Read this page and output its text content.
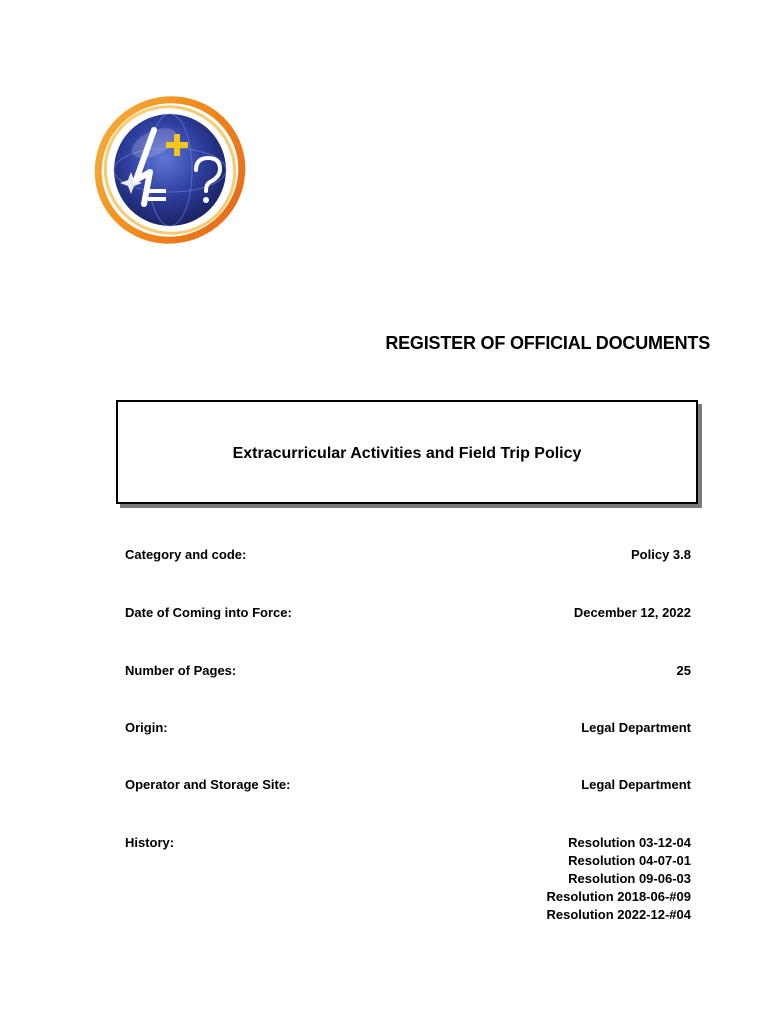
REGISTER OF OFFICIAL DOCUMENTS
Extracurricular Activities and Field Trip Policy
Category and code:	Policy 3.8
Date of Coming into Force:	December 12, 2022
Number of Pages:	25
Origin:	Legal Department
Operator and Storage Site:	Legal Department
History:	Resolution 03-12-04
Resolution 04-07-01
Resolution 09-06-03
Resolution 2018-06-#09
Resolution 2022-12-#04
